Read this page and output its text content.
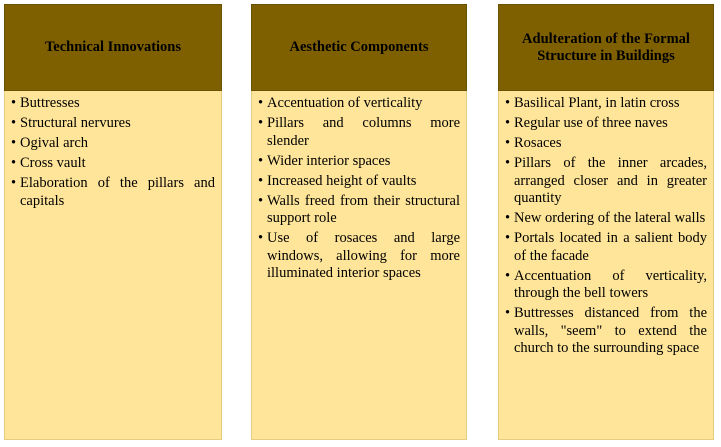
Technical Innovations
• Buttresses
• Structural nervures
• Ogival arch
• Cross vault
• Elaboration of the pillars and capitals
Aesthetic Components
• Accentuation of verticality
• Pillars and columns more slender
• Wider interior spaces
• Increased height of vaults
• Walls freed from their structural support role
• Use of rosaces and large windows, allowing for more illuminated interior spaces
Adulteration of the Formal Structure in Buildings
• Basilical Plant, in latin cross
• Regular use of three naves
• Rosaces
• Pillars of the inner arcades, arranged closer and in greater quantity
• New ordering of the lateral walls
• Portals located in a salient body of the facade
• Accentuation of verticality, through the bell towers
• Buttresses distanced from the walls, "seem" to extend the church to the surrounding space
